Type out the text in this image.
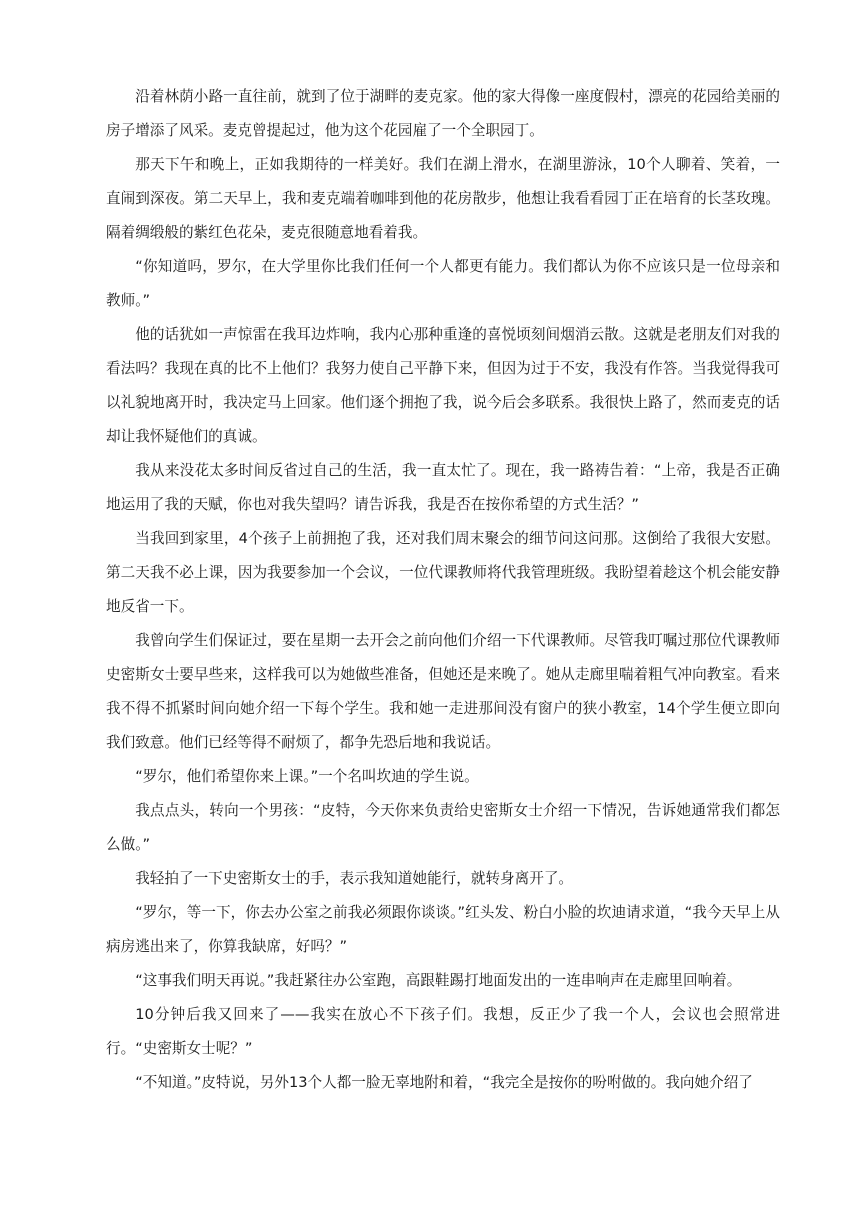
沿着林荫小路一直往前，就到了位于湖畔的麦克家。他的家大得像一座度假村，漂亮的花园给美丽的房子增添了风采。麦克曾提起过，他为这个花园雇了一个全职园丁。

那天下午和晚上，正如我期待的一样美好。我们在湖上滑水，在湖里游泳，10个人聊着、笑着，一直闹到深夜。第二天早上，我和麦克端着咖啡到他的花房散步，他想让我看看园丁正在培育的长茎玫瑰。隔着绸缎般的紫红色花朵，麦克很随意地看着我。

“你知道吗，罗尔，在大学里你比我们任何一个人都更有能力。我们都认为你不应该只是一位母亲和教师。”

他的话犹如一声惊雷在我耳边炸响，我内心那种重逢的喜悦顷刻间烟消云散。这就是老朋友们对我的看法吗？我现在真的比不上他们？我努力使自己平静下来，但因为过于不安，我没有作答。当我觉得我可以礼貌地离开时，我决定马上回家。他们逐个拥抱了我，说今后会多联系。我很快上路了，然而麦克的话却让我怀疑他们的真诚。

我从来没花太多时间反省过自己的生活，我一直太忙了。现在，我一路祷告着：“上帝，我是否正确地运用了我的天赋，你也对我失望吗？请告诉我，我是否在按你希望的方式生活？”

当我回到家里，4个孩子上前拥抱了我，还对我们周末聚会的细节问这问那。这倒给了我很大安慰。第二天我不必上课，因为我要参加一个会议，一位代课教师将代我管理班级。我盼望着趁这个机会能安静地反省一下。

我曾向学生们保证过，要在星期一去开会之前向他们介绍一下代课教师。尽管我叮嘱过那位代课教师史密斯女士要早些来，这样我可以为她做些准备，但她还是来晚了。她从走廊里喘着粗气冲向教室。看来我不得不抓紧时间向她介绍一下每个学生。我和她一走进那间没有窗户的狭小教室，14个学生便立即向我们致意。他们已经等得不耐烦了，都争先恐后地和我说话。

“罗尔，他们希望你来上课。”一个名叫坎迪的学生说。

我点点头，转向一个男孩：“皮特，今天你来负责给史密斯女士介绍一下情况，告诉她通常我们都怎么做。”

我轻拍了一下史密斯女士的手，表示我知道她能行，就转身离开了。

“罗尔，等一下，你去办公室之前我必须跟你谈谈。”红头发、粉白小脸的坎迪请求道，“我今天早上从病房逃出来了，你算我缺席，好吗？”

“这事我们明天再说。”我赶紧往办公室跑，高跟鞋踢打地面发出的一连串响声在走廊里回响着。

10分钟后我又回来了——我实在放心不下孩子们。我想，反正少了我一个人，会议也会照常进行。“史密斯女士呢？”

“不知道。”皮特说，另外13个人都一脸无辜地附和着，“我完全是按你的吩咐做的。我向她介绍了
